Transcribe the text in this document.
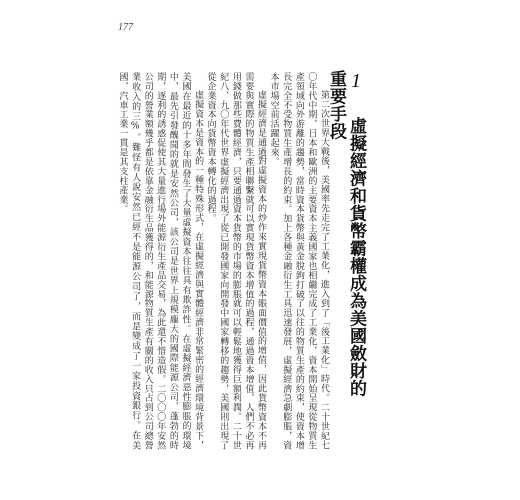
177
1 虛擬經濟和貨幣霸權成為美國斂財的重要手段

第二次世界大戰後，美國率先走完了工業化，進入到了「後工業化」時代。二十世紀七〇年代中期，日本和歐洲的主要資本主義國家也相繼完成了工業化，資本開始呈現從物質生產領域向外游離的趨勢，當時資本貨幣與黃金脫鉤打破了以往的物質生產的約束，使資本增長完全不受物質生產增長的約束。加上各種金融衍生工具迅速發展，虛擬經濟急劇膨脹，資本市場空前活躍起來。

虛擬經濟是通過對虛擬資本的炒作來實現貨幣資本賬面價值的增值，因此貨幣資本不再需要與實際的物質生產相聯繫就可以實現貨幣資本增值的過程，通過資本增值，人們不必再用錢做那些費體經濟，只要通過資本貨幣的市場的膨脹就可以輕鬆地獲得巨額利潤。二十世紀八、九〇年代世界虛擬經濟出現了從已開發國家向開發中國家轉移的趨勢，美國則出現了從企業資本向貨幣資本轉化的過程。

虛擬資本是資本的一種特殊形式，在虛擬經濟與實體經濟非常緊密的經濟環境背景下，美國在最近的十多年間發生了大量虛擬資本往往具有欺詐性。在虛擬經濟惡性膨脹的環境中，最先引發醜聞的就是安然公司，該公司是世界上規模龐大的國際能源公司，蓬勃的時期，逐利的誘惑促使其大量進行場外能源衍生產品交易，為此還不惜造假。二〇〇〇年安然公司的營業額幾乎都是依靠金融衍生品獲得的，和能源物質生產有關的收入只占到公司總營業收入的三%。難怪有人說安然已經不是能源公司了，而是變成了一家投資銀行。在美國，汽車工業一貫是其支柱產業。
